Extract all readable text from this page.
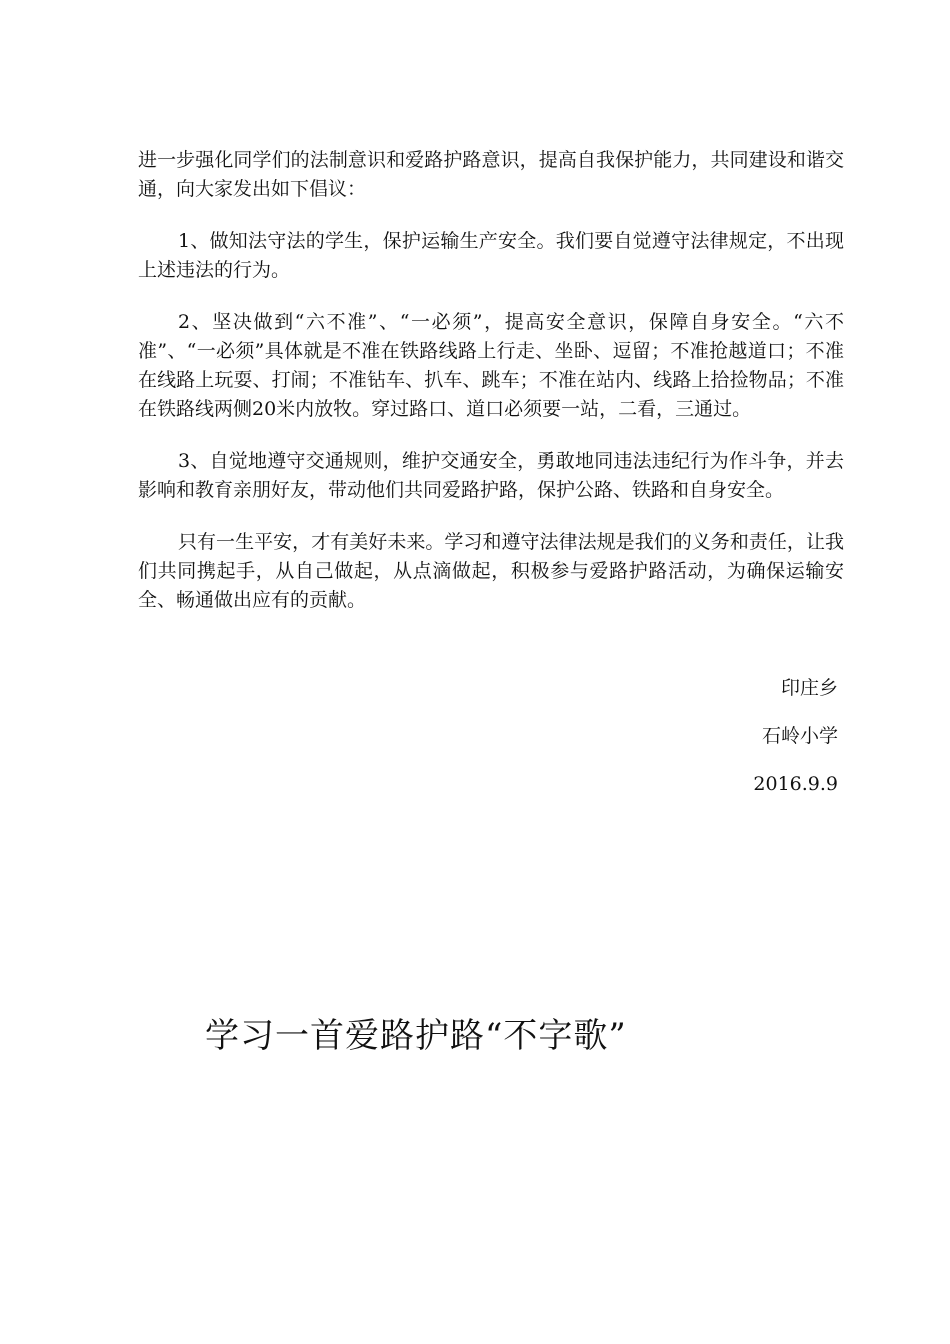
进一步强化同学们的法制意识和爱路护路意识，提高自我保护能力，共同建设和谐交通，向大家发出如下倡议：

1、做知法守法的学生，保护运输生产安全。我们要自觉遵守法律规定，不出现上述违法的行为。

2、坚决做到“六不准”、“一必须”，提高安全意识，保障自身安全。“六不准”、“一必须”具体就是不准在铁路线路上行走、坐卧、逗留；不准抢越道口；不准在线路上玩耍、打闹；不准钻车、扒车、跳车；不准在站内、线路上拾捡物品；不准在铁路线两侧20米内放牧。穿过路口、道口必须要一站，二看，三通过。

3、自觉地遵守交通规则，维护交通安全，勇敢地同违法违纪行为作斗争，并去影响和教育亲朋好友，带动他们共同爱路护路，保护公路、铁路和自身安全。

只有一生平安，才有美好未来。学习和遵守法律法规是我们的义务和责任，让我们共同携起手，从自己做起，从点滴做起，积极参与爱路护路活动，为确保运输安全、畅通做出应有的贡献。

印庄乡
石岭小学
2016.9.9
学习一首爱路护路“不字歌”
